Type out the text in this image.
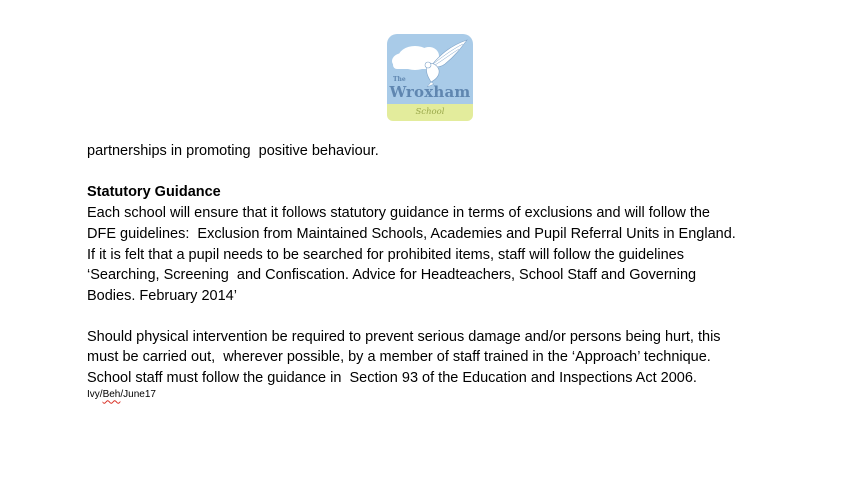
The
Wroxham
School
partnerships in promoting  positive behaviour.
Statutory Guidance
Each school will ensure that it follows statutory guidance in terms of exclusions and will follow the
DFE guidelines:  Exclusion from Maintained Schools, Academies and Pupil Referral Units in England.
If it is felt that a pupil needs to be searched for prohibited items, staff will follow the guidelines
‘Searching, Screening  and Confiscation. Advice for Headteachers, School Staff and Governing
Bodies. February 2014’
Should physical intervention be required to prevent serious damage and/or persons being hurt, this
must be carried out,  wherever possible, by a member of staff trained in the ‘Approach’ technique.
School staff must follow the guidance in  Section 93 of the Education and Inspections Act 2006.
Ivy/Beh/June17
